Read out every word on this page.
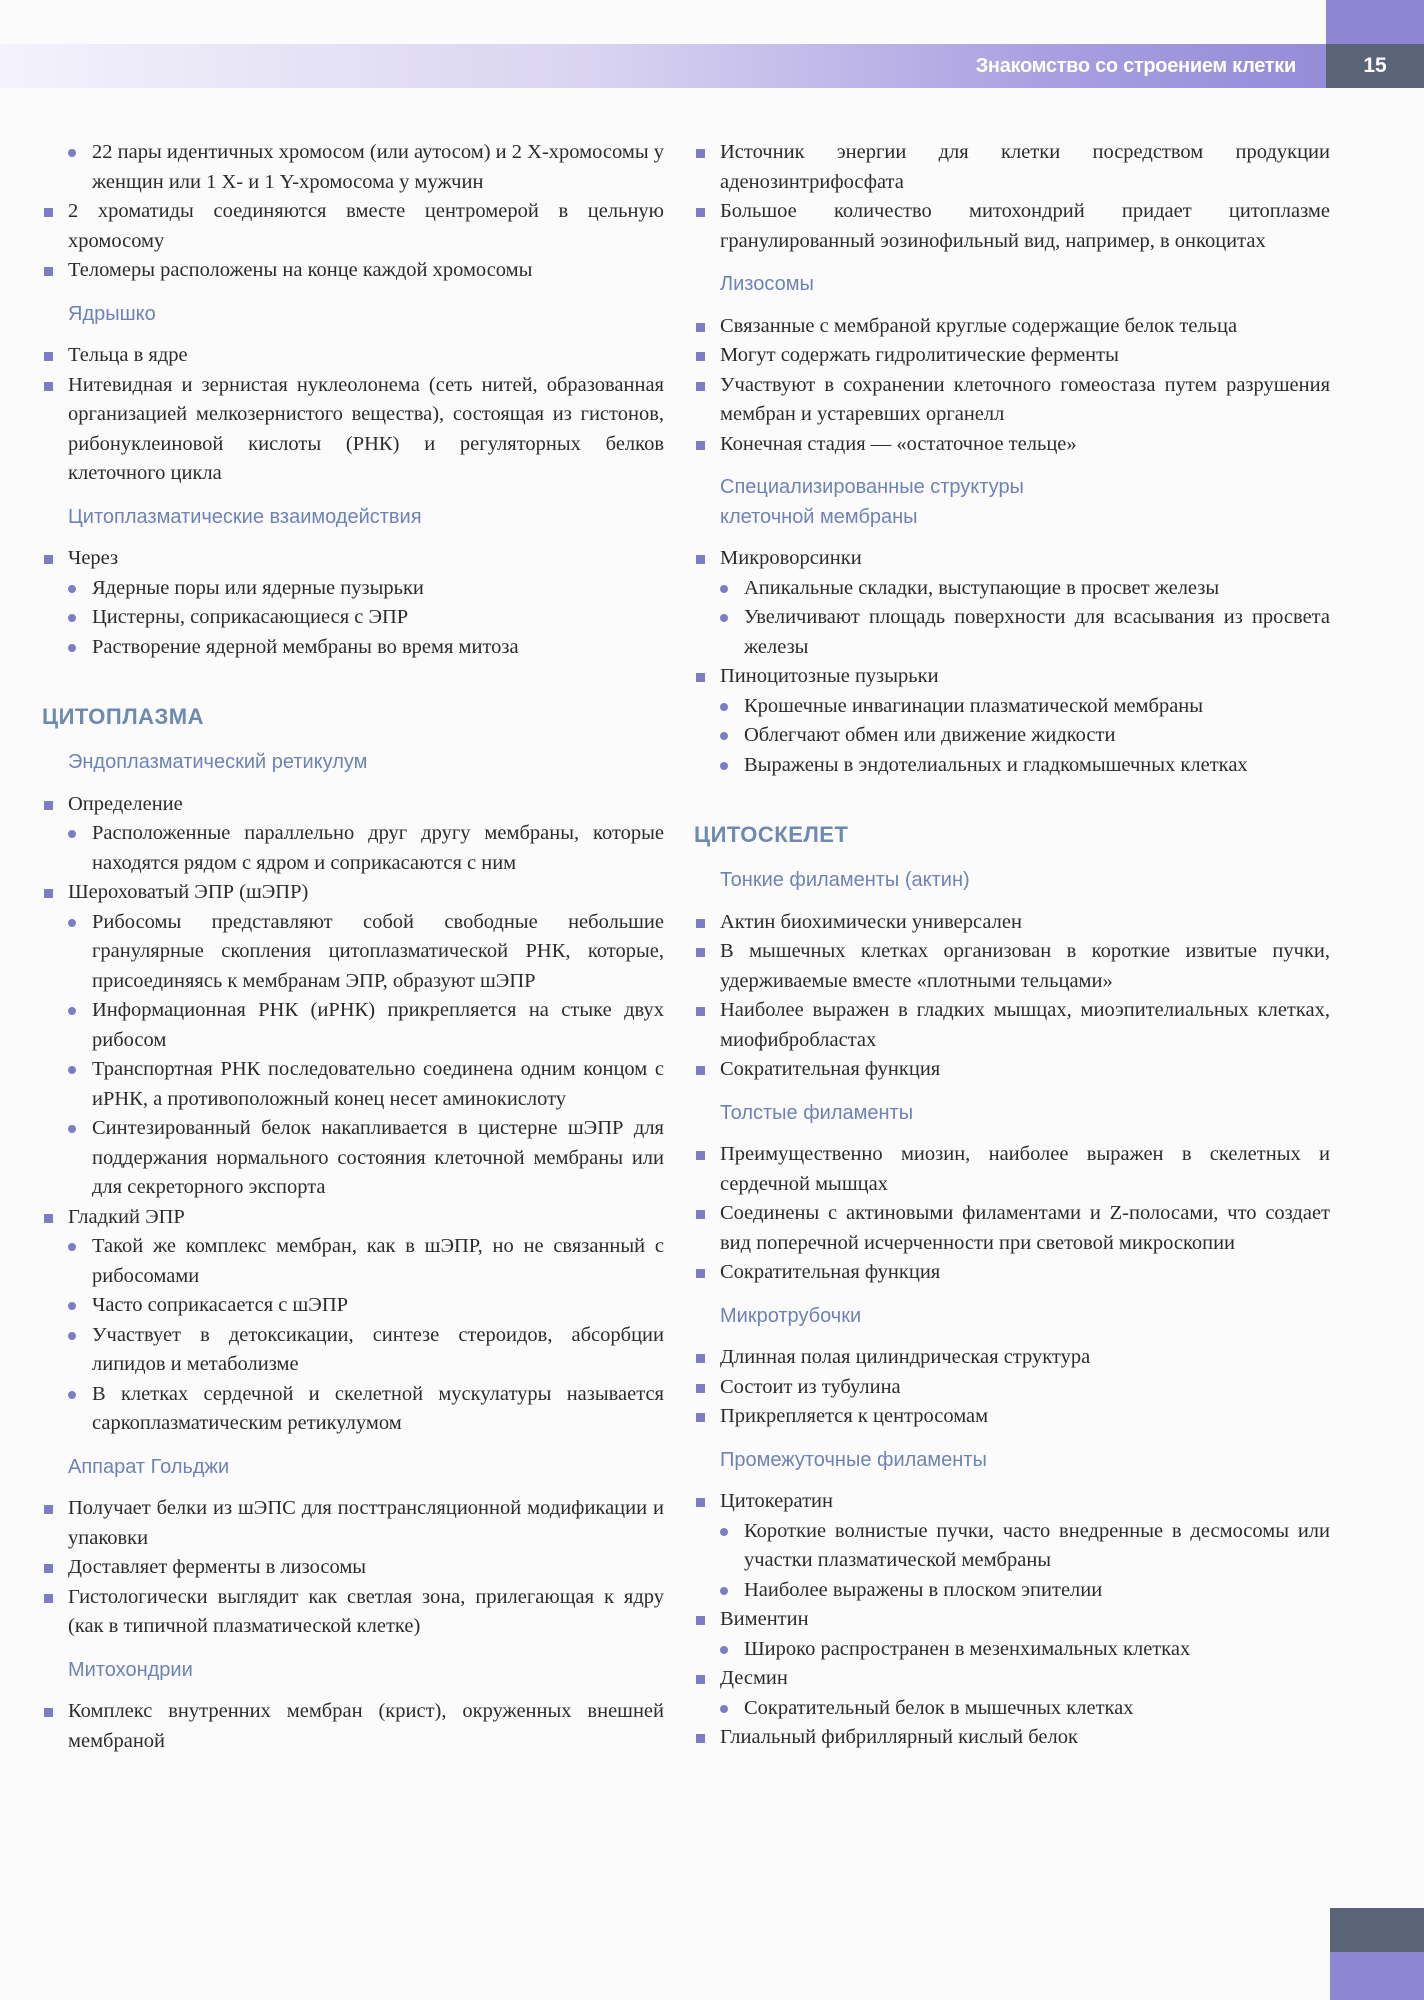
Знакомство со строением клетки	15
22 пары идентичных хромосом (или аутосом) и 2 X-хромосомы у женщин или 1 X- и 1 Y-хромосома у мужчин
2 хроматиды соединяются вместе центромерой в цельную хромосому
Теломеры расположены на конце каждой хромосомы
Ядрышко
Тельца в ядре
Нитевидная и зернистая нуклеолонема (сеть нитей, образованная организацией мелкозернистого вещества), состоящая из гистонов, рибонуклеиновой кислоты (РНК) и регуляторных белков клеточного цикла
Цитоплазматические взаимодействия
Через
Ядерные поры или ядерные пузырьки
Цистерны, соприкасающиеся с ЭПР
Растворение ядерной мембраны во время митоза
ЦИТОПЛАЗМА
Эндоплазматический ретикулум
Определение
Расположенные параллельно друг другу мембраны, которые находятся рядом с ядром и соприкасаются с ним
Шероховатый ЭПР (шЭПР)
Рибосомы представляют собой свободные небольшие гранулярные скопления цитоплазматической РНК, которые, присоединяясь к мембранам ЭПР, образуют шЭПР
Информационная РНК (иРНК) прикрепляется на стыке двух рибосом
Транспортная РНК последовательно соединена одним концом с иРНК, а противоположный конец несет аминокислоту
Синтезированный белок накапливается в цистерне шЭПР для поддержания нормального состояния клеточной мембраны или для секреторного экспорта
Гладкий ЭПР
Такой же комплекс мембран, как в шЭПР, но не связанный с рибосомами
Часто соприкасается с шЭПР
Участвует в детоксикации, синтезе стероидов, абсорбции липидов и метаболизме
В клетках сердечной и скелетной мускулатуры называется саркоплазматическим ретикулумом
Аппарат Гольджи
Получает белки из шЭПС для посттрансляционной модификации и упаковки
Доставляет ферменты в лизосомы
Гистологически выглядит как светлая зона, прилегающая к ядру (как в типичной плазматической клетке)
Митохондрии
Комплекс внутренних мембран (крист), окруженных внешней мембраной
Источник энергии для клетки посредством продукции аденозинтрифосфата
Большое количество митохондрий придает цитоплазме гранулированный эозинофильный вид, например, в онкоцитах
Лизосомы
Связанные с мембраной круглые содержащие белок тельца
Могут содержать гидролитические ферменты
Участвуют в сохранении клеточного гомеостаза путем разрушения мембран и устаревших органелл
Конечная стадия — «остаточное тельце»
Специализированные структуры
клеточной мембраны
Микроворсинки
Апикальные складки, выступающие в просвет железы
Увеличивают площадь поверхности для всасывания из просвета железы
Пиноцитозные пузырьки
Крошечные инвагинации плазматической мембраны
Облегчают обмен или движение жидкости
Выражены в эндотелиальных и гладкомышечных клетках
ЦИТОСКЕЛЕТ
Тонкие филаменты (актин)
Актин биохимически универсален
В мышечных клетках организован в короткие извитые пучки, удерживаемые вместе «плотными тельцами»
Наиболее выражен в гладких мышцах, миоэпителиальных клетках, миофибробластах
Сократительная функция
Толстые филаменты
Преимущественно миозин, наиболее выражен в скелетных и сердечной мышцах
Соединены с актиновыми филаментами и Z-полосами, что создает вид поперечной исчерченности при световой микроскопии
Сократительная функция
Микротрубочки
Длинная полая цилиндрическая структура
Состоит из тубулина
Прикрепляется к центросомам
Промежуточные филаменты
Цитокератин
Короткие волнистые пучки, часто внедренные в десмосомы или участки плазматической мембраны
Наиболее выражены в плоском эпителии
Виментин
Широко распространен в мезенхимальных клетках
Десмин
Сократительный белок в мышечных клетках
Глиальный фибриллярный кислый белок
